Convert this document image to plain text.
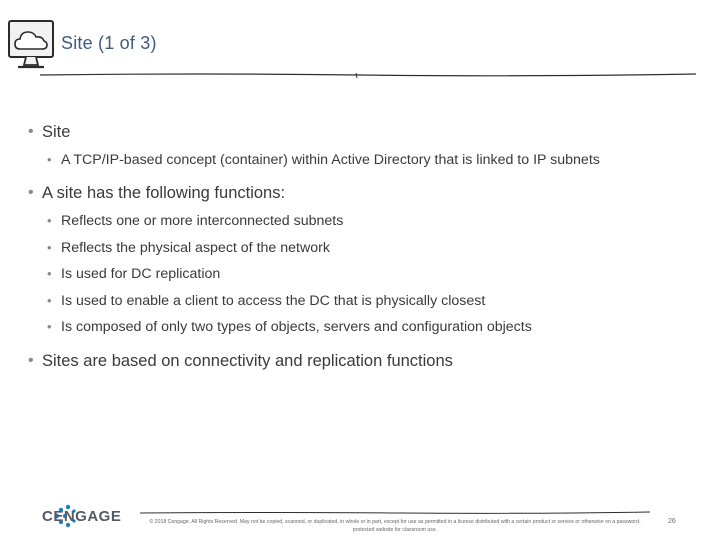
Site (1 of 3)
• Site
• A TCP/IP-based concept (container) within Active Directory that is linked to IP subnets
• A site has the following functions:
• Reflects one or more interconnected subnets
• Reflects the physical aspect of the network
• Is used for DC replication
• Is used to enable a client to access the DC that is physically closest
• Is composed of only two types of objects, servers and configuration objects
• Sites are based on connectivity and replication functions
CENGAGE	© 2018 Cengage. All Rights Reserved. May not be copied, scanned, or duplicated, in whole or in part, except for use as permitted in a license distributed with a certain product or service or otherwise on a password-protected website for classroom use.
26
